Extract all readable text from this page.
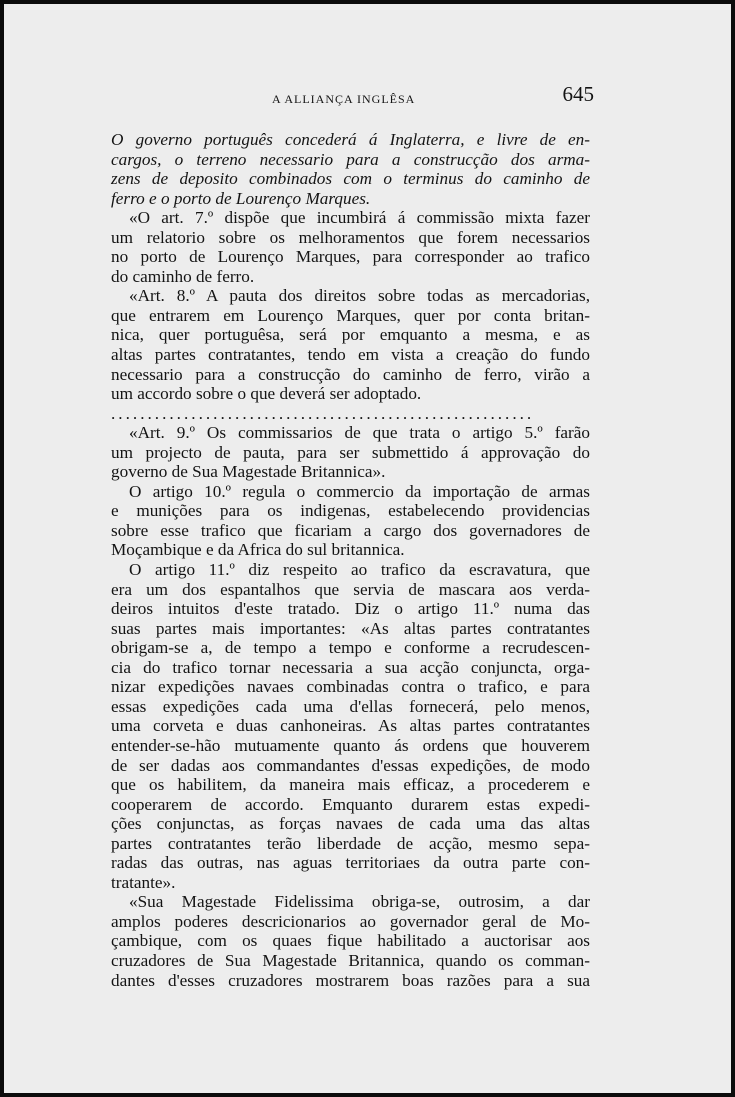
A ALLIANÇA INGLÊSA	645
O governo português concederá á Inglaterra, e livre de en-
cargos, o terreno necessario para a construcção dos arma-
zens de deposito combinados com o terminus do caminho de
ferro e o porto de Lourenço Marques.
«O art. 7.º dispõe que incumbirá á commissão mixta fazer
um relatorio sobre os melhoramentos que forem necessarios
no porto de Lourenço Marques, para corresponder ao trafico
do caminho de ferro.
«Art. 8.º A pauta dos direitos sobre todas as mercadorias,
que entrarem em Lourenço Marques, quer por conta britan-
nica, quer portuguêsa, será por emquanto a mesma, e as
altas partes contratantes, tendo em vista a creação do fundo
necessario para a construcção do caminho de ferro, virão a
um accordo sobre o que deverá ser adoptado.
..........................................................
«Art. 9.º Os commissarios de que trata o artigo 5.º farão
um projecto de pauta, para ser submettido á approvação do
governo de Sua Magestade Britannica».
O artigo 10.º regula o commercio da importação de armas
e munições para os indigenas, estabelecendo providencias
sobre esse trafico que ficariam a cargo dos governadores de
Moçambique e da Africa do sul britannica.
O artigo 11.º diz respeito ao trafico da escravatura, que
era um dos espantalhos que servia de mascara aos verda-
deiros intuitos d'este tratado. Diz o artigo 11.º numa das
suas partes mais importantes: «As altas partes contratantes
obrigam-se a, de tempo a tempo e conforme a recrudescen-
cia do trafico tornar necessaria a sua acção conjuncta, orga-
nizar expedições navaes combinadas contra o trafico, e para
essas expedições cada uma d'ellas fornecerá, pelo menos,
uma corveta e duas canhoneiras. As altas partes contratantes
entender-se-hão mutuamente quanto ás ordens que houverem
de ser dadas aos commandantes d'essas expedições, de modo
que os habilitem, da maneira mais efficaz, a procederem e
cooperarem de accordo. Emquanto durarem estas expedi-
ções conjunctas, as forças navaes de cada uma das altas
partes contratantes terão liberdade de acção, mesmo sepa-
radas das outras, nas aguas territoriaes da outra parte con-
tratante».
«Sua Magestade Fidelissima obriga-se, outrosim, a dar
amplos poderes descricionarios ao governador geral de Mo-
çambique, com os quaes fique habilitado a auctorisar aos
cruzadores de Sua Magestade Britannica, quando os comman-
dantes d'esses cruzadores mostrarem boas razões para a sua
